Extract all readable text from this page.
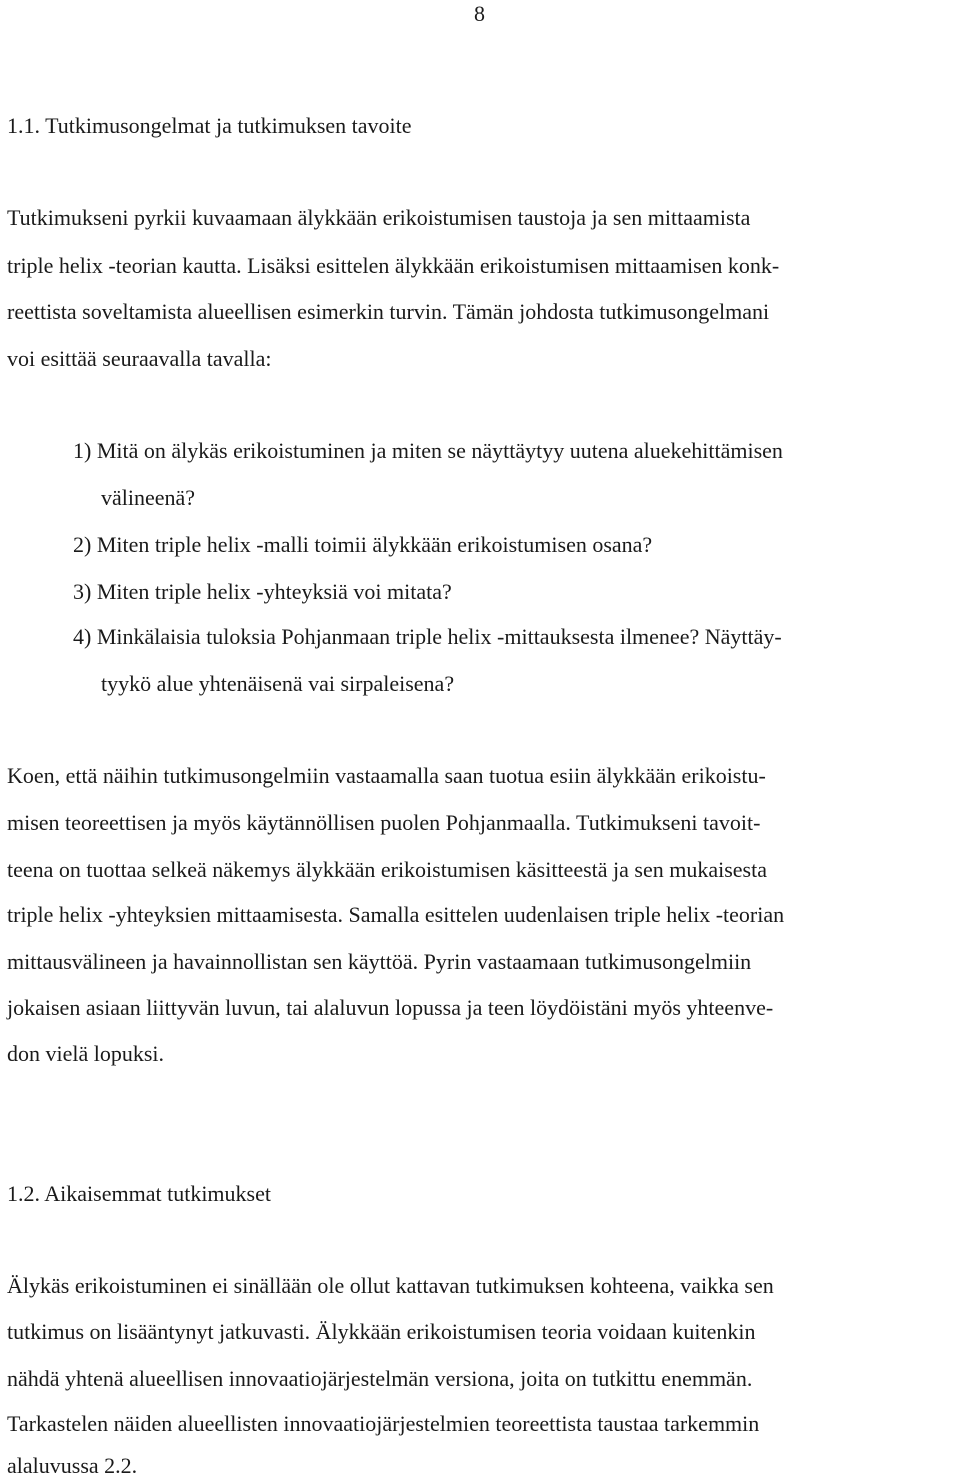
8
1.1. Tutkimusongelmat ja tutkimuksen tavoite
Tutkimukseni pyrkii kuvaamaan älykkään erikoistumisen taustoja ja sen mittaamista
triple helix -teorian kautta. Lisäksi esittelen älykkään erikoistumisen mittaamisen konk-
reettista soveltamista alueellisen esimerkin turvin. Tämän johdosta tutkimusongelmani
voi esittää seuraavalla tavalla:
1) Mitä on älykäs erikoistuminen ja miten se näyttäytyy uutena aluekehittämisen
välineenä?
2) Miten triple helix -malli toimii älykkään erikoistumisen osana?
3) Miten triple helix -yhteyksiä voi mitata?
4) Minkälaisia tuloksia Pohjanmaan triple helix -mittauksesta ilmenee? Näyttäy-
tyykö alue yhtenäisenä vai sirpaleisena?
Koen, että näihin tutkimusongelmiin vastaamalla saan tuotua esiin älykkään erikoistu-
misen teoreettisen ja myös käytännöllisen puolen Pohjanmaalla. Tutkimukseni tavoit-
teena on tuottaa selkeä näkemys älykkään erikoistumisen käsitteestä ja sen mukaisesta
triple helix -yhteyksien mittaamisesta. Samalla esittelen uudenlaisen triple helix -teorian
mittausvälineen ja havainnollistan sen käyttöä. Pyrin vastaamaan tutkimusongelmiin
jokaisen asiaan liittyvän luvun, tai alaluvun lopussa ja teen löydöistäni myös yhteenve-
don vielä lopuksi.
1.2. Aikaisemmat tutkimukset
Älykäs erikoistuminen ei sinällään ole ollut kattavan tutkimuksen kohteena, vaikka sen
tutkimus on lisääntynyt jatkuvasti. Älykkään erikoistumisen teoria voidaan kuitenkin
nähdä yhtenä alueellisen innovaatiojärjestelmän versiona, joita on tutkittu enemmän.
Tarkastelen näiden alueellisten innovaatiojärjestelmien teoreettista taustaa tarkemmin
alaluvussa 2.2.
